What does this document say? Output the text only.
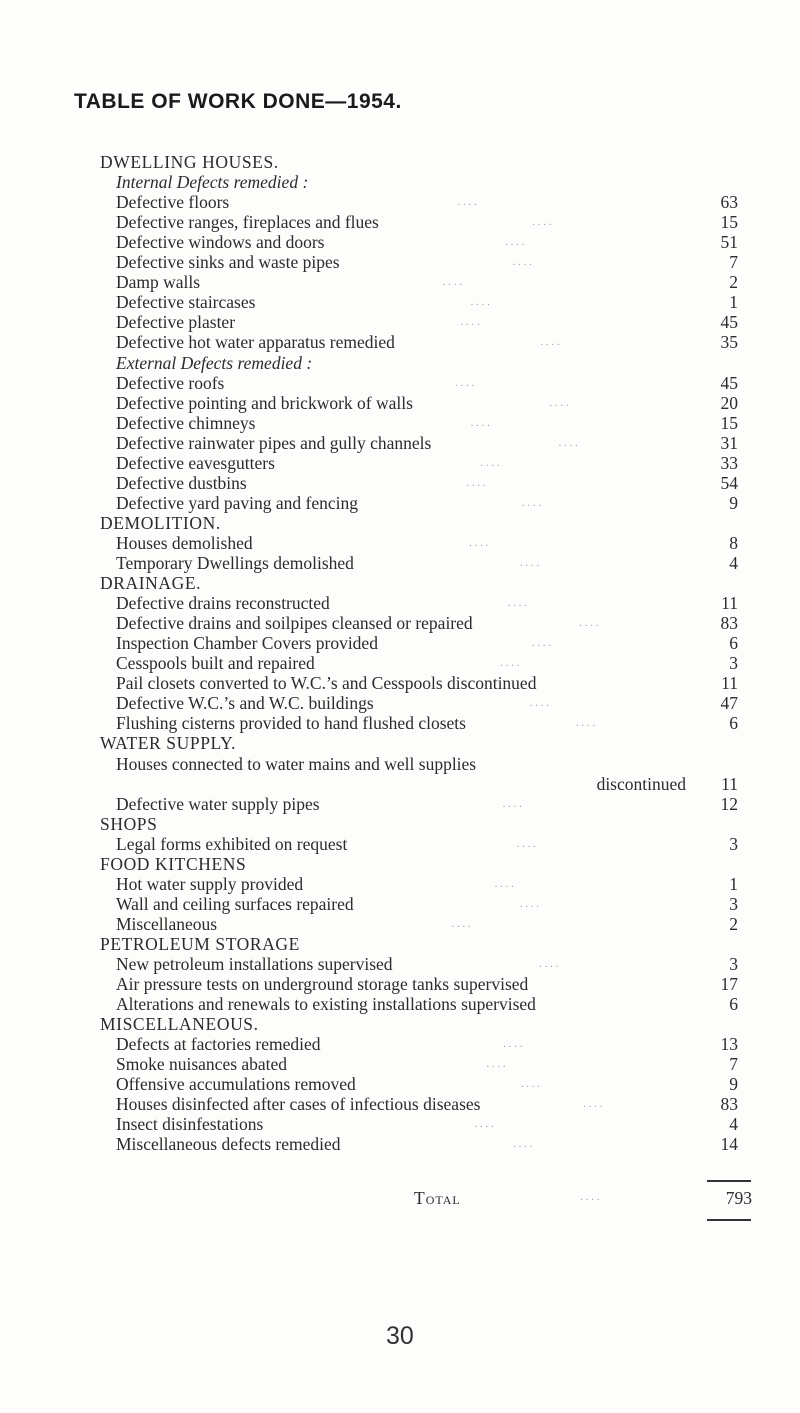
TABLE OF WORK DONE—1954.
DWELLING HOUSES.
Internal Defects remedied :
Defective floors	....	63
Defective ranges, fireplaces and flues	....	15
Defective windows and doors	....	51
Defective sinks and waste pipes	....	7
Damp walls	....	2
Defective staircases	....	1
Defective plaster	....	45
Defective hot water apparatus remedied	....	35
External Defects remedied :
Defective roofs	....	45
Defective pointing and brickwork of walls	....	20
Defective chimneys	....	15
Defective rainwater pipes and gully channels	....	31
Defective eavesgutters	....	33
Defective dustbins	....	54
Defective yard paving and fencing	....	9
DEMOLITION.
Houses demolished	....	8
Temporary Dwellings demolished	....	4
DRAINAGE.
Defective drains reconstructed	....	11
Defective drains and soilpipes cleansed or repaired	....	83
Inspection Chamber Covers provided	....	6
Cesspools built and repaired	....	3
Pail closets converted to W.C.’s and Cesspools discontinued	11
Defective W.C.’s and W.C. buildings	....	47
Flushing cisterns provided to hand flushed closets	....	6
WATER SUPPLY.
Houses connected to water mains and well supplies
discontinued	11
Defective water supply pipes	....	12
SHOPS
Legal forms exhibited on request	....	3
FOOD KITCHENS
Hot water supply provided	....	1
Wall and ceiling surfaces repaired	....	3
Miscellaneous	....	2
PETROLEUM STORAGE
New petroleum installations supervised	....	3
Air pressure tests on underground storage tanks supervised	17
Alterations and renewals to existing installations supervised	6
MISCELLANEOUS.
Defects at factories remedied	....	13
Smoke nuisances abated	....	7
Offensive accumulations removed	....	9
Houses disinfected after cases of infectious diseases	....	83
Insect disinfestations	....	4
Miscellaneous defects remedied	....	14
Total	....	793
30
